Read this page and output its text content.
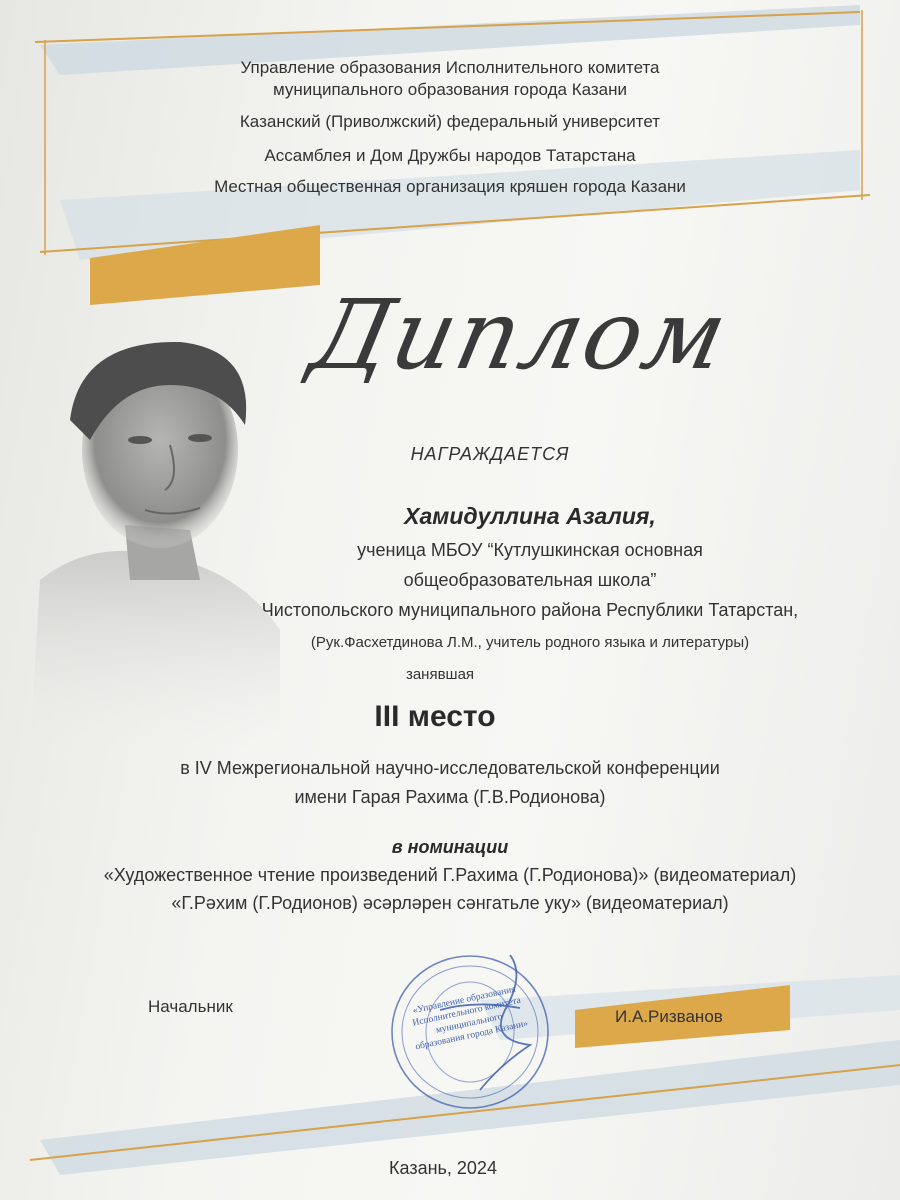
Управление образования Исполнительного комитета
муниципального образования города Казани
Казанский (Приволжский) федеральный университет
Ассамблея и Дом Дружбы народов Татарстана
Местная общественная организация кряшен города Казани
Диплом
НАГРАЖДАЕТСЯ
Хамидуллина Азалия,
ученица МБОУ “Кутлушкинская основная
общеобразовательная школа”
Чистопольского муниципального района Республики Татарстан,
(Рук.Фасхетдинова Л.М., учитель родного языка и литературы)
занявшая
III место
в IV Межрегиональной научно-исследовательской конференции
имени Гарая Рахима (Г.В.Родионова)
в номинации
«Художественное чтение произведений Г.Рахима (Г.Родионова)» (видеоматериал)
«Г.Рәхим (Г.Родионов) әсәрләрен сәнгатьле уку» (видеоматериал)
Начальник
И.А.Ризванов
«Управление образования Исполнительного комитета муниципального образования города Казани»
Казань, 2024
